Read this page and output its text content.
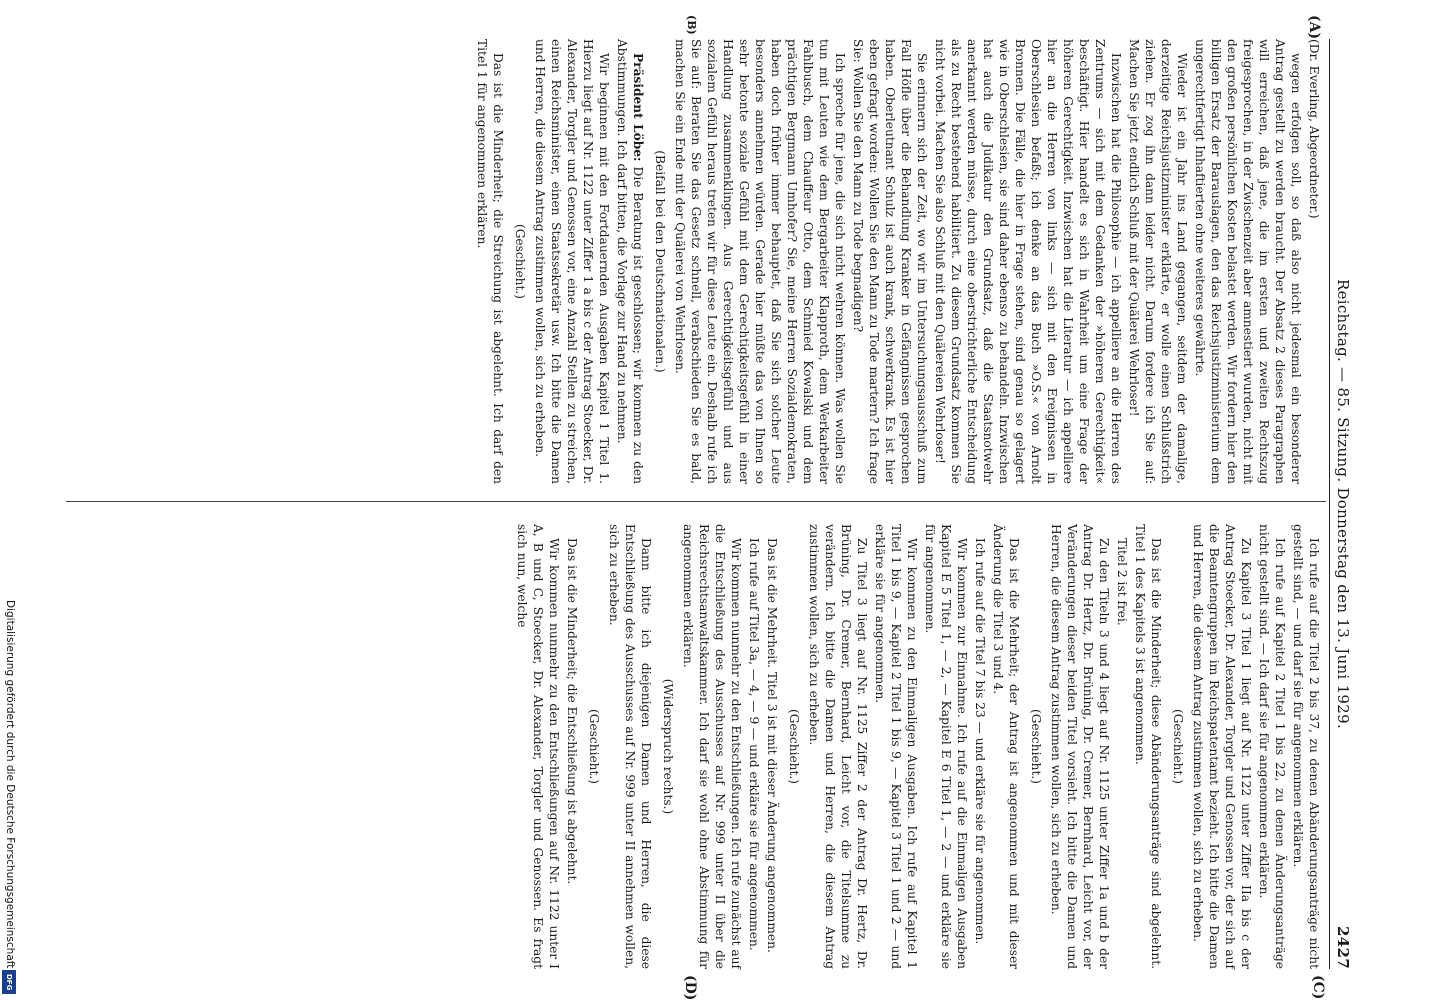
Reichstag. — 85. Sitzung. Donnerstag den 13. Juni 1929.
2427
(A)
(B)
(C)
(D)

(Dr. Everling, Abgeordneter.)

wegen erfolgen soll, so daß also nicht jedesmal ein besonderer Antrag gestellt zu werden braucht. Der Absatz 2 dieses Paragraphen will erreichen, daß jene, die im ersten und zweiten Rechtszug freigesprochen, in der Zwischenzeit aber amnestiert wurden, nicht mit den großen persönlichen Kosten belastet werden. Wir fordern hier den billigen Ersatz der Barauslagen, den das Reichsjustizministerium dem ungerechtfertigt Inhaftierten ohne weiteres gewährte.

Wieder ist ein Jahr ins Land gegangen, seitdem der damalige, derzeitige Reichsjustizminister erklärte, er wolle einen Schlußstrich ziehen. Er zog ihn dann leider nicht. Darum fordere ich Sie auf: Machen Sie jetzt endlich Schluß mit der Quälerei Wehrloser!

Inzwischen hat die Philosophie — ich appelliere an die Herren des Zentrums — sich mit dem Gedanken der »höheren Gerechtigkeit« beschäftigt. Hier handelt es sich in Wahrheit um eine Frage der höheren Gerechtigkeit. Inzwischen hat die Literatur — ich appelliere hier an die Herren von links — sich mit den Ereignissen in Oberschlesien befaßt; ich denke an das Buch »O.S.« von Arnolt Bronnen. Die Fälle, die hier in Frage stehen, sind genau so gelagert wie in Oberschlesien, sie sind daher ebenso zu behandeln. Inzwischen hat auch die Judikatur den Grundsatz, daß die Staatsnotwehr anerkannt werden müsse, durch eine oberstrichterliche Entscheidung als zu Recht bestehend habilitiert. Zu diesem Grundsatz kommen Sie nicht vorbei. Machen Sie also Schluß mit den Quälereien Wehrloser!

Sie erinnern sich der Zeit, wo wir im Untersuchungsausschuß zum Fall Höfle über die Behandlung Kranker in Gefängnissen gesprochen haben. Oberleutnant Schulz ist auch krank, schwerkrank. Es ist hier eben gefragt worden: Wollen Sie den Mann zu Tode martern? Ich frage Sie: Wollen Sie den Mann zu Tode begnadigen?

Ich spreche für jene, die sich nicht wehren können. Was wollen Sie tun mit Leuten wie dem Bergarbeiter Klapproth, dem Werkarbeiter Fahlbusch, dem Chauffeur Otto, dem Schmied Kowalski und dem prächtigen Bergmann Umhofer? Sie, meine Herren Sozialdemokraten, haben doch früher immer behauptet, daß Sie sich solcher Leute besonders annehmen würden. Gerade hier müßte das von Ihnen so sehr betonte soziale Gefühl mit dem Gerechtigkeitsgefühl in einer Handlung zusammenklingen. Aus Gerechtigkeitsgefühl und aus sozialem Gefühl heraus treten wir für diese Leute ein. Deshalb rufe ich Sie auf: Beraten Sie das Gesetz schnell, verabschieden Sie es bald, machen Sie ein Ende mit der Quälerei von Wehrlosen.

(Beifall bei den Deutschnationalen.)

Präsident Löbe: Die Beratung ist geschlossen; wir kommen zu den Abstimmungen. Ich darf bitten, die Vorlage zur Hand zu nehmen.

Wir beginnen mit den Fortdauernden Ausgaben Kapitel 1 Titel 1. Hierzu liegt auf Nr. 1122 unter Ziffer 1 a bis c der Antrag Stoecker, Dr. Alexander, Torgler und Genossen vor, eine Anzahl Stellen zu streichen, einen Reichsminister, einen Staatssekretär usw. Ich bitte die Damen und Herren, die diesem Antrag zustimmen wollen, sich zu erheben.

(Geschieht.)

Das ist die Minderheit; die Streichung ist abgelehnt. Ich darf den Titel 1 für angenommen erklären.

Ich rufe auf die Titel 2 bis 37, zu denen Abänderungsanträge nicht gestellt sind, — und darf sie für angenommen erklären.

Ich rufe auf Kapitel 2 Titel 1 bis 22, zu denen Änderungsanträge nicht gestellt sind. — Ich darf sie für angenommen erklären.

Zu Kapitel 3 Titel 1 liegt auf Nr. 1122 unter Ziffer IIa bis c der Antrag Stoecker, Dr. Alexander, Torgler und Genossen vor, der sich auf die Beamtengruppen im Reichspatentamt bezieht. Ich bitte die Damen und Herren, die diesem Antrag zustimmen wollen, sich zu erheben.

(Geschieht.)

Das ist die Minderheit; diese Abänderungsanträge sind abgelehnt. Titel 1 des Kapitels 3 ist angenommen.

Titel 2 ist frei.

Zu den Titeln 3 und 4 liegt auf Nr. 1125 unter Ziffer 1a und b der Antrag Dr. Hertz, Dr. Brüning, Dr. Cremer, Bernhard, Leicht vor, der Veränderungen dieser beiden Titel vorsieht. Ich bitte die Damen und Herren, die diesem Antrag zustimmen wollen, sich zu erheben.

(Geschieht.)

Das ist die Mehrheit; der Antrag ist angenommen und mit dieser Änderung die Titel 3 und 4.

Ich rufe auf die Titel 7 bis 23 — und erkläre sie für angenommen.

Wir kommen zur Einnahme. Ich rufe auf die Einmaligen Ausgaben Kapitel E 5 Titel 1, — 2, — Kapitel E 6 Titel 1, — 2 — und erkläre sie für angenommen.

Wir kommen zu den Einmaligen Ausgaben. Ich rufe auf Kapitel 1 Titel 1 bis 9, — Kapitel 2 Titel 1 bis 9, — Kapitel 3 Titel 1 und 2 — und erkläre sie für angenommen.

Zu Titel 3 liegt auf Nr. 1125 Ziffer 2 der Antrag Dr. Hertz, Dr. Brüning, Dr. Cremer, Bernhard, Leicht vor, die Titelsumme zu verändern. Ich bitte die Damen und Herren, die diesem Antrag zustimmen wollen, sich zu erheben.

(Geschieht.)

Das ist die Mehrheit. Titel 3 ist mit dieser Änderung angenommen.

Ich rufe auf Titel 3a, — 4, — 9 — und erkläre sie für angenommen.

Wir kommen nunmehr zu den Entschließungen. Ich rufe zunächst auf die Entschließung des Ausschusses auf Nr. 999 unter II über die Reichsrechtsanwaltskammer. Ich darf sie wohl ohne Abstimmung für angenommen erklären.

(Widerspruch rechts.)

Dann bitte ich diejenigen Damen und Herren, die diese Entschließung des Ausschusses auf Nr. 999 unter II annehmen wollen, sich zu erheben.

(Geschieht.)

Das ist die Minderheit; die Entschließung ist abgelehnt.

Wir kommen nunmehr zu den Entschließungen auf Nr. 1122 unter I A, B und C, Stoecker, Dr. Alexander, Torgler und Genossen. Es fragt sich nun, welche

Digitalisierung gefördert durch die Deutsche Forschungsgemeinschaft
DFG
